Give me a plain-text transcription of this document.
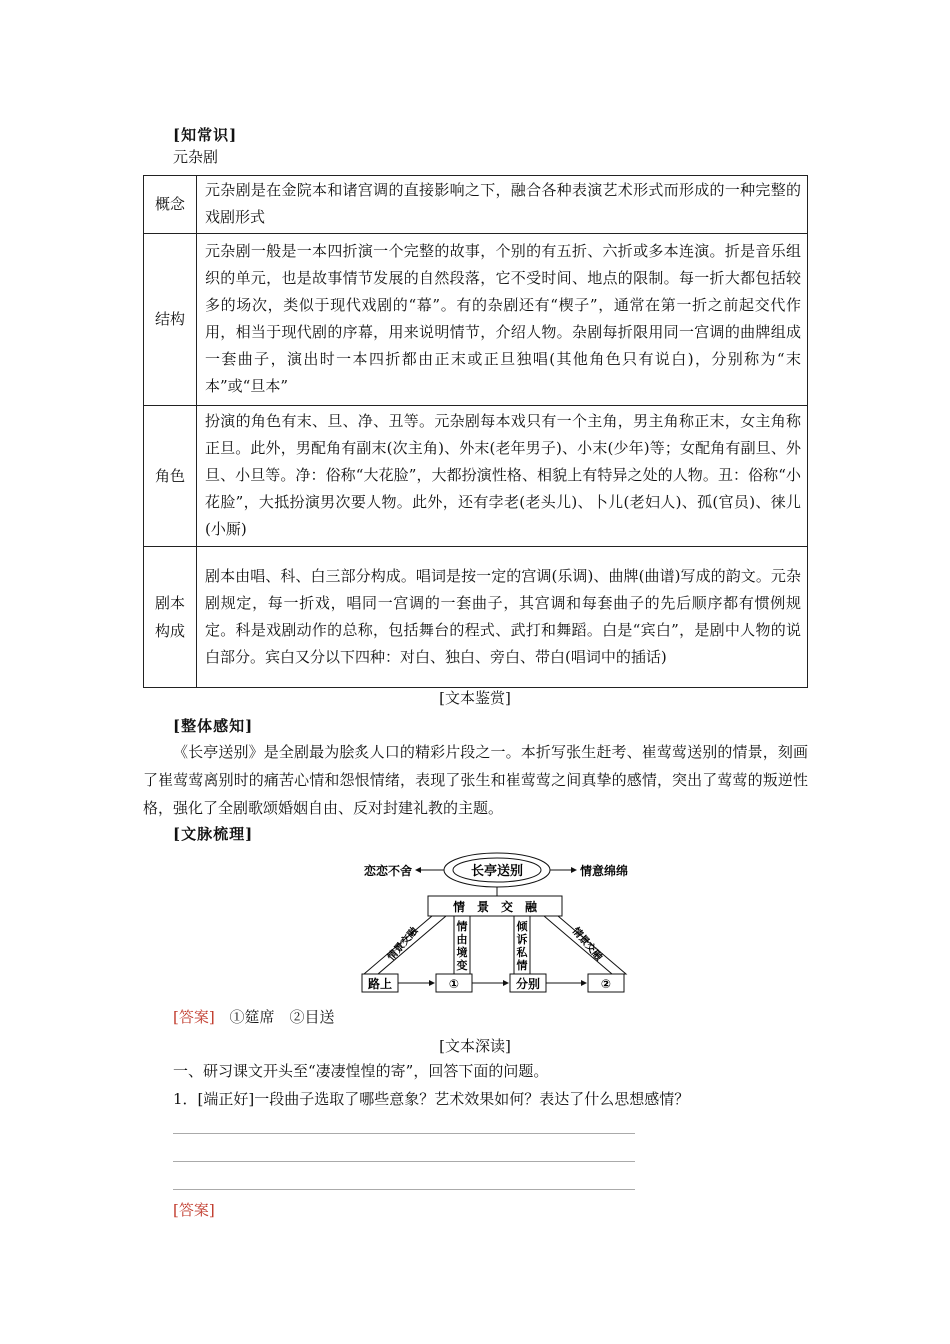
[知常识]
元杂剧
概念	元杂剧是在金院本和诸宫调的直接影响之下，融合各种表演艺术形式而形成的一种完整的戏剧形式
结构	元杂剧一般是一本四折演一个完整的故事，个别的有五折、六折或多本连演。折是音乐组织的单元，也是故事情节发展的自然段落，它不受时间、地点的限制。每一折大都包括较多的场次，类似于现代戏剧的“幕”。有的杂剧还有“楔子”，通常在第一折之前起交代作用，相当于现代剧的序幕，用来说明情节，介绍人物。杂剧每折限用同一宫调的曲牌组成一套曲子，演出时一本四折都由正末或正旦独唱(其他角色只有说白)，分别称为“末本”或“旦本”
角色	扮演的角色有末、旦、净、丑等。元杂剧每本戏只有一个主角，男主角称正末，女主角称正旦。此外，男配角有副末(次主角)、外末(老年男子)、小末(少年)等；女配角有副旦、外旦、小旦等。净：俗称“大花脸”，大都扮演性格、相貌上有特异之处的人物。丑：俗称“小花脸”，大抵扮演男次要人物。此外，还有孛老(老头儿)、卜儿(老妇人)、孤(官员)、徕儿(小厮)
剧本构成	剧本由唱、科、白三部分构成。唱词是按一定的宫调(乐调)、曲牌(曲谱)写成的韵文。元杂剧规定，每一折戏，唱同一宫调的一套曲子，其宫调和每套曲子的先后顺序都有惯例规定。科是戏剧动作的总称，包括舞台的程式、武打和舞蹈。白是“宾白”，是剧中人物的说白部分。宾白又分以下四种：对白、独白、旁白、带白(唱词中的插话)
[文本鉴赏]
[整体感知]
《长亭送别》是全剧最为脍炙人口的精彩片段之一。本折写张生赶考、崔莺莺送别的情景，刻画了崔莺莺离别时的痛苦心情和怨恨情绪，表现了张生和崔莺莺之间真挚的感情，突出了莺莺的叛逆性格，强化了全剧歌颂婚姻自由、反对封建礼教的主题。
[文脉梳理]
长亭送别
恋恋不舍	情意绵绵
情　景　交　融
情景交融	情景交融
情由境变
倾诉私情
路上	①	分别	②
[答案] ①筵席　②目送
[文本深读]
一、研习课文开头至“凄凄惶惶的寄”，回答下面的问题。
1．[端正好]一段曲子选取了哪些意象？艺术效果如何？表达了什么思想感情？
[答案]
